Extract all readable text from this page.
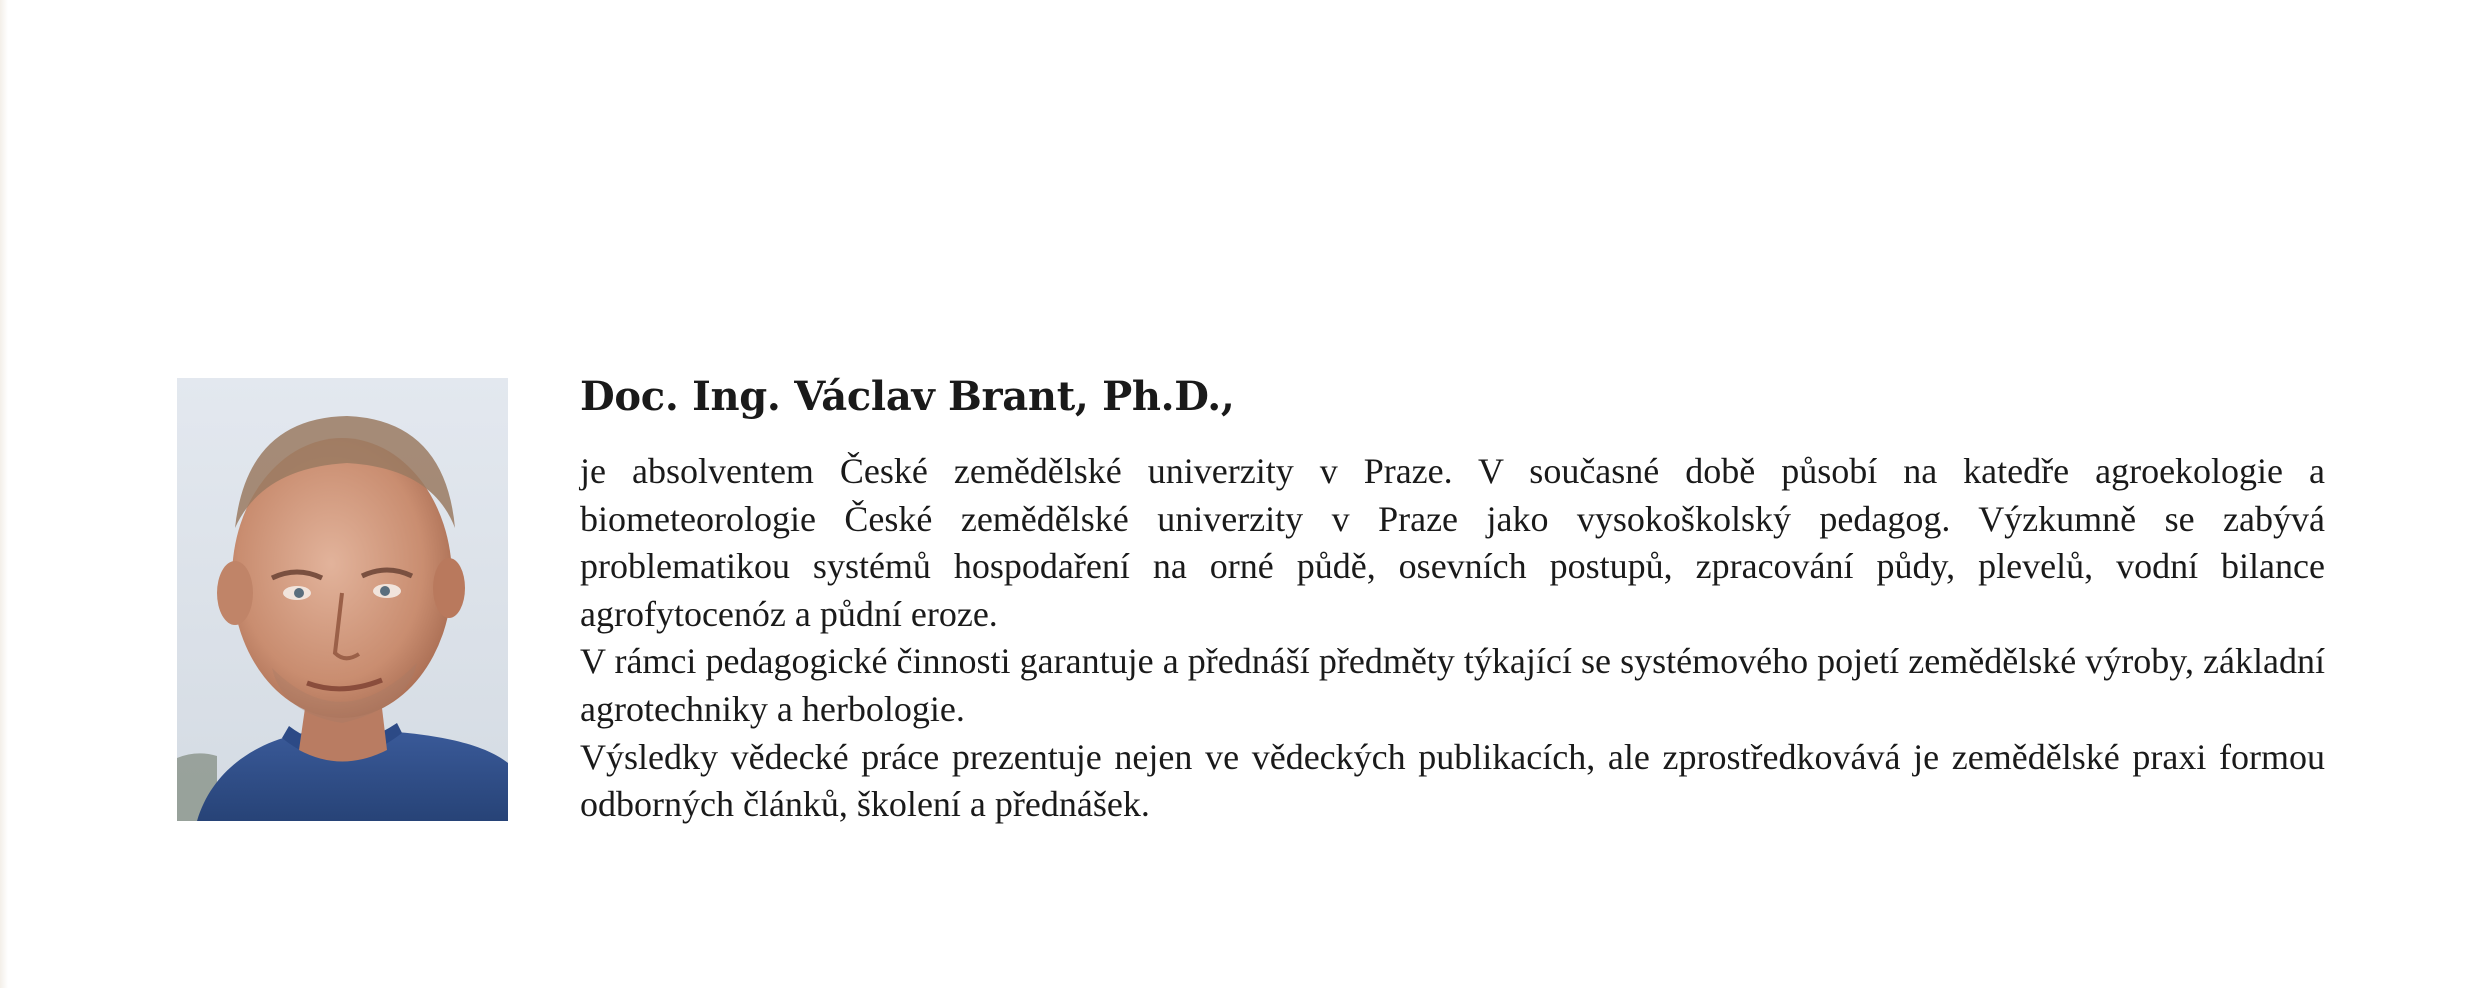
Doc. Ing. Václav Brant, Ph.D.,

je absolventem České zemědělské univerzity v Praze. V současné době působí na katedře agroekologie a biometeorologie České zemědělské univerzity v Praze jako vysokoškolský pedagog. Výzkumně se zabývá problematikou systémů hospodaření na orné půdě, osevních postupů, zpracování půdy, plevelů, vodní bilance agrofytocenóz a půdní eroze.

V rámci pedagogické činnosti garantuje a přednáší předměty týkající se systémového pojetí zemědělské výroby, základní agrotechniky a herbologie.

Výsledky vědecké práce prezentuje nejen ve vědeckých publikacích, ale zprostředkovává je zemědělské praxi formou odborných článků, školení a přednášek.
